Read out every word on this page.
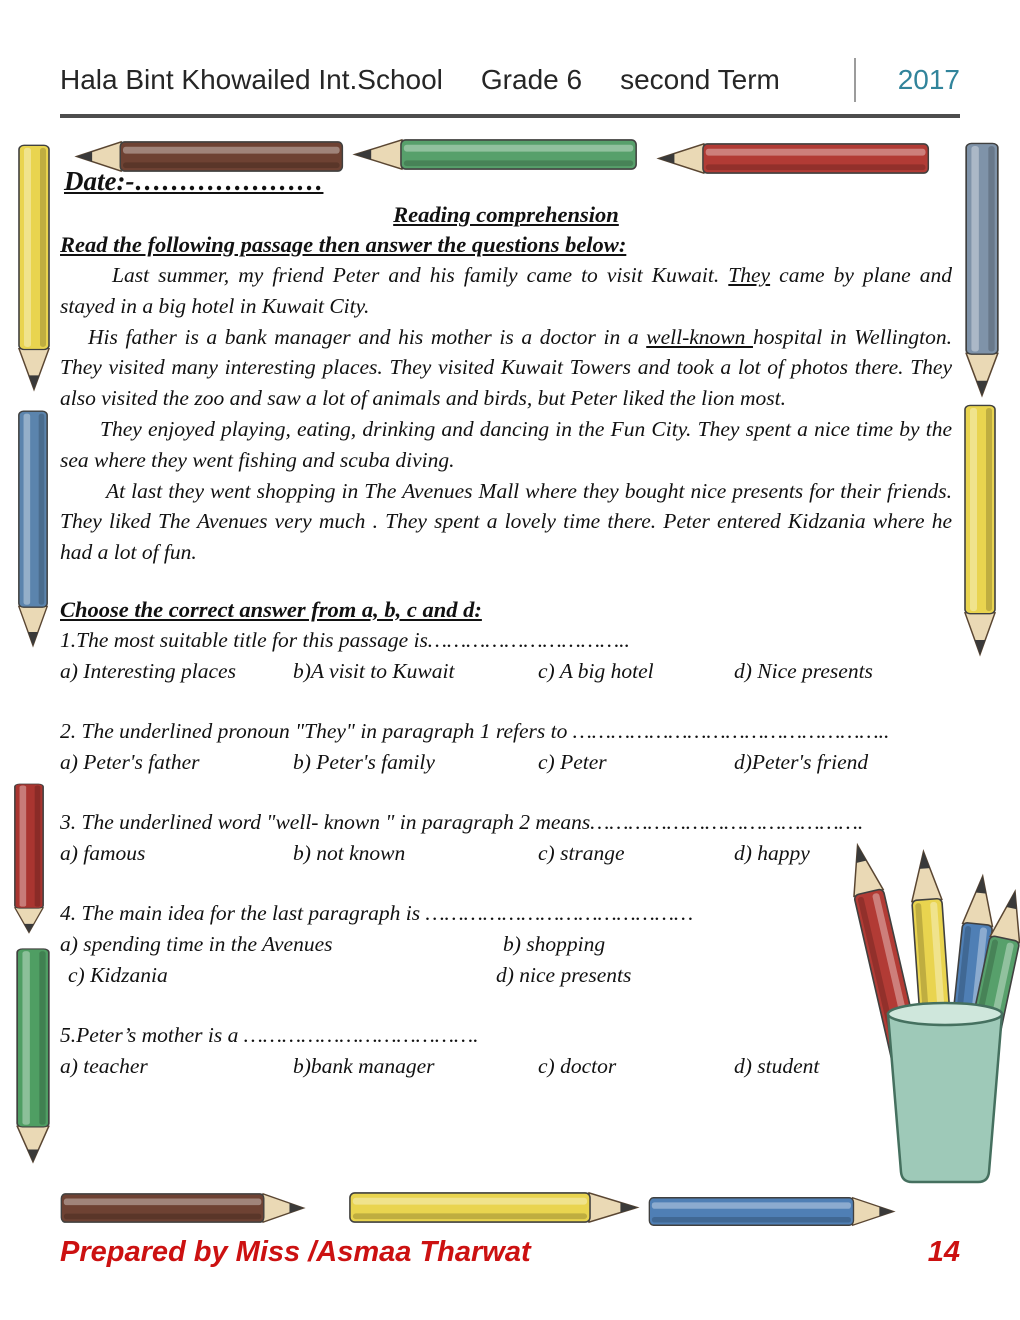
Hala Bint Khowailed Int.School Grade 6 second Term	2017

Date:-…………………

Reading comprehension

Read the following passage then answer the questions below:

Last summer, my friend Peter and his family came to visit Kuwait. They came by plane and stayed in a big hotel in Kuwait City.

His father is a bank manager and his mother is a doctor in a well-known hospital in Wellington. They visited many interesting places. They visited Kuwait Towers and took a lot of photos there. They also visited the zoo and saw a lot of animals and birds, but Peter liked the lion most.

They enjoyed playing, eating, drinking and dancing in the Fun City. They spent a nice time by the sea where they went fishing and scuba diving.

At last they went shopping in The Avenues Mall where they bought nice presents for their friends. They liked The Avenues very much . They spent a lovely time there. Peter entered Kidzania where he had a lot of fun.

Choose the correct answer from a, b, c and d:

1.The most suitable title for this passage is…………………………..

a) Interesting places	b)A visit to Kuwait	c) A big hotel	d) Nice presents

2. The underlined pronoun "They" in paragraph 1 refers to …………………………………………..

a) Peter's father	b) Peter's family	c) Peter	d)Peter's friend

3. The underlined word "well- known " in paragraph 2 means…………………………………….

a) famous	b) not known	c) strange	d) happy

4. The main idea for the last paragraph is ……………………………………

a) spending time in the Avenues	b) shopping
c) Kidzania	d) nice presents

5.Peter’s mother is a ……………………………….

a) teacher	b)bank manager	c) doctor	d) student
Prepared by Miss /Asmaa Tharwat	14
